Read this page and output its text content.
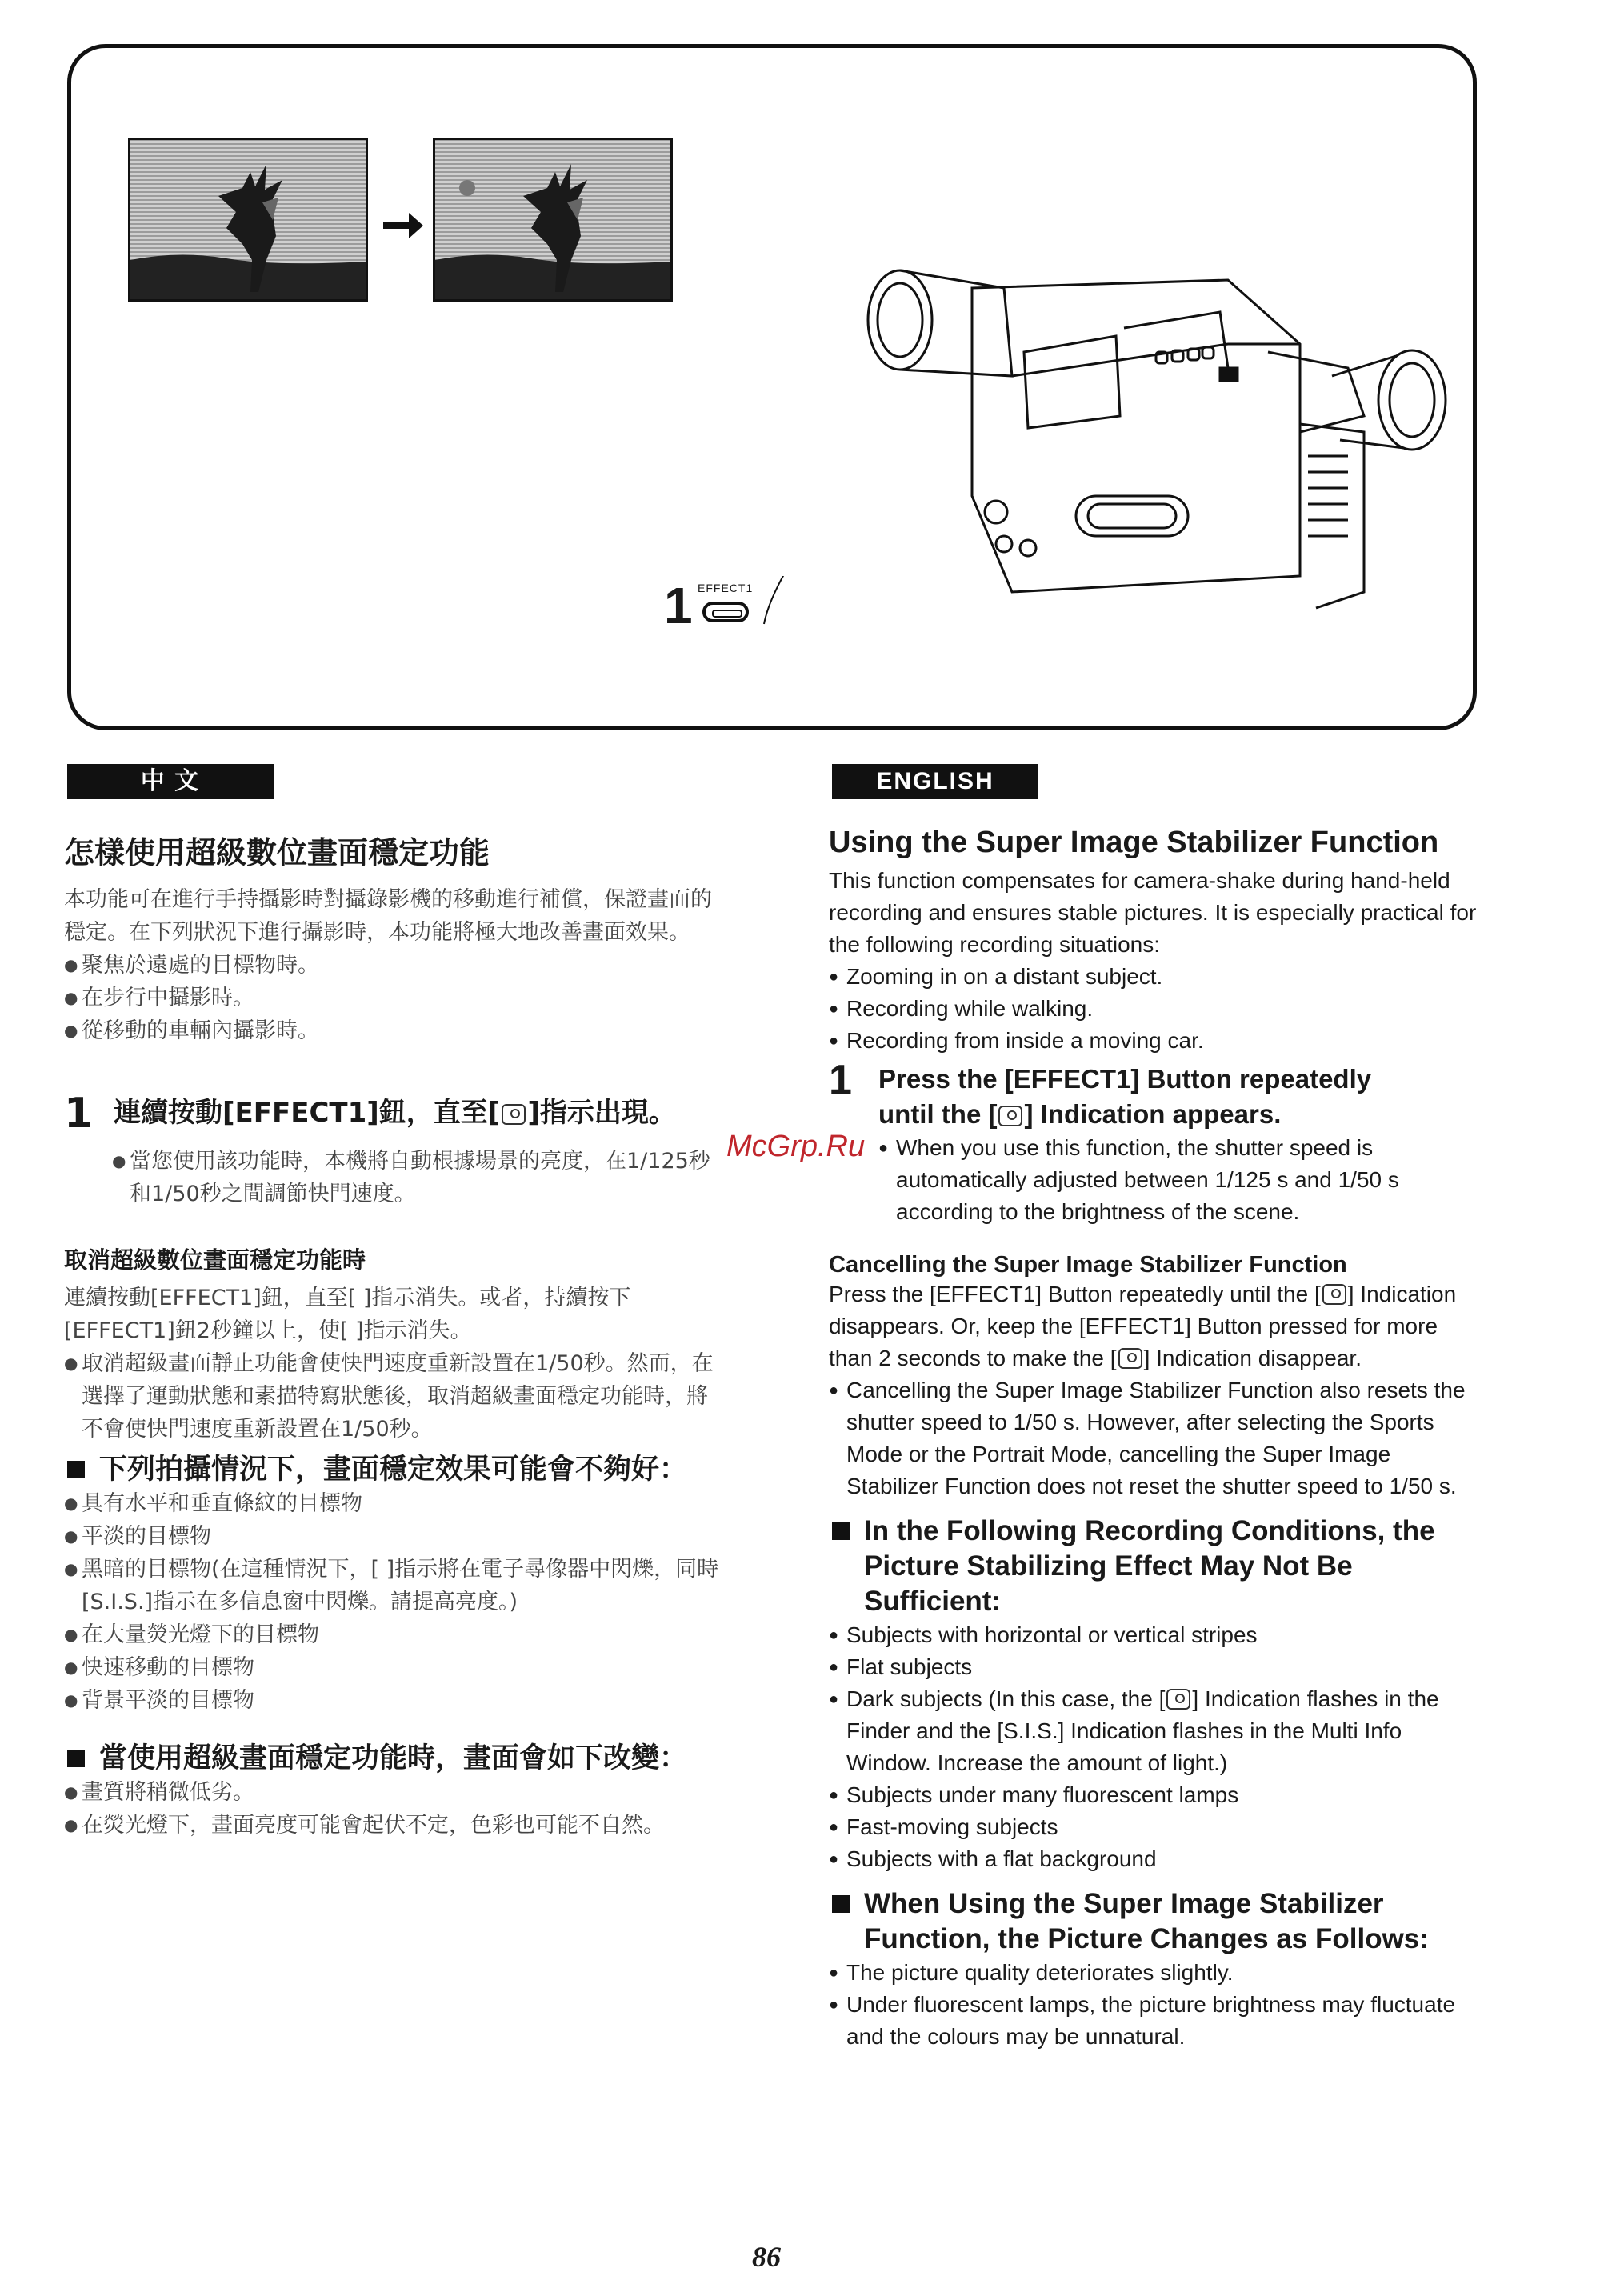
1 EFFECT1
中 文	ENGLISH
怎樣使用超級數位畫面穩定功能

本功能可在進行手持攝影時對攝錄影機的移動進行補償，保證畫面的穩定。在下列狀況下進行攝影時，本功能將極大地改善畫面效果。

● 聚焦於遠處的目標物時。
● 在步行中攝影時。
● 從移動的車輛內攝影時。
1 連續按動[EFFECT1]鈕，直至[ ]指示出現。
● 當您使用該功能時，本機將自動根據場景的亮度，在1/125秒和1/50秒之間調節快門速度。
取消超級數位畫面穩定功能時

連續按動[EFFECT1]鈕，直至[ ]指示消失。或者，持續按下[EFFECT1]鈕2秒鐘以上，使[ ]指示消失。

● 取消超級畫面靜止功能會使快門速度重新設置在1/50秒。然而，在選擇了運動狀態和素描特寫狀態後，取消超級畫面穩定功能時，將不會使快門速度重新設置在1/50秒。
下列拍攝情況下，畫面穩定效果可能會不夠好：
● 具有水平和垂直條紋的目標物
● 平淡的目標物
● 黑暗的目標物(在這種情況下，[ ]指示將在電子尋像器中閃爍，同時[S.I.S.]指示在多信息窗中閃爍。請提高亮度。)
● 在大量熒光燈下的目標物
● 快速移動的目標物
● 背景平淡的目標物
當使用超級畫面穩定功能時，畫面會如下改變：
● 畫質將稍微低劣。
● 在熒光燈下，畫面亮度可能會起伏不定，色彩也可能不自然。
McGrp.Ru
Using the Super Image Stabilizer Function

This function compensates for camera-shake during hand-held recording and ensures stable pictures. It is especially practical for the following recording situations:

● Zooming in on a distant subject.
● Recording while walking.
● Recording from inside a moving car.
1	Press the [EFFECT1] Button repeatedly
until the [ ] Indication appears.
● When you use this function, the shutter speed is automatically adjusted between 1/125 s and 1/50 s according to the brightness of the scene.
Cancelling the Super Image Stabilizer Function

Press the [EFFECT1] Button repeatedly until the [ ] Indication disappears. Or, keep the [EFFECT1] Button pressed for more than 2 seconds to make the [ ] Indication disappear.

● Cancelling the Super Image Stabilizer Function also resets the shutter speed to 1/50 s. However, after selecting the Sports Mode or the Portrait Mode, cancelling the Super Image Stabilizer Function does not reset the shutter speed to 1/50 s.
In the Following Recording Conditions, the Picture Stabilizing Effect May Not Be Sufficient:
● Subjects with horizontal or vertical stripes
● Flat subjects
● Dark subjects (In this case, the [ ] Indication flashes in the Finder and the [S.I.S.] Indication flashes in the Multi Info Window. Increase the amount of light.)
● Subjects under many fluorescent lamps
● Fast-moving subjects
● Subjects with a flat background
When Using the Super Image Stabilizer Function, the Picture Changes as Follows:
● The picture quality deteriorates slightly.
● Under fluorescent lamps, the picture brightness may fluctuate and the colours may be unnatural.
86
